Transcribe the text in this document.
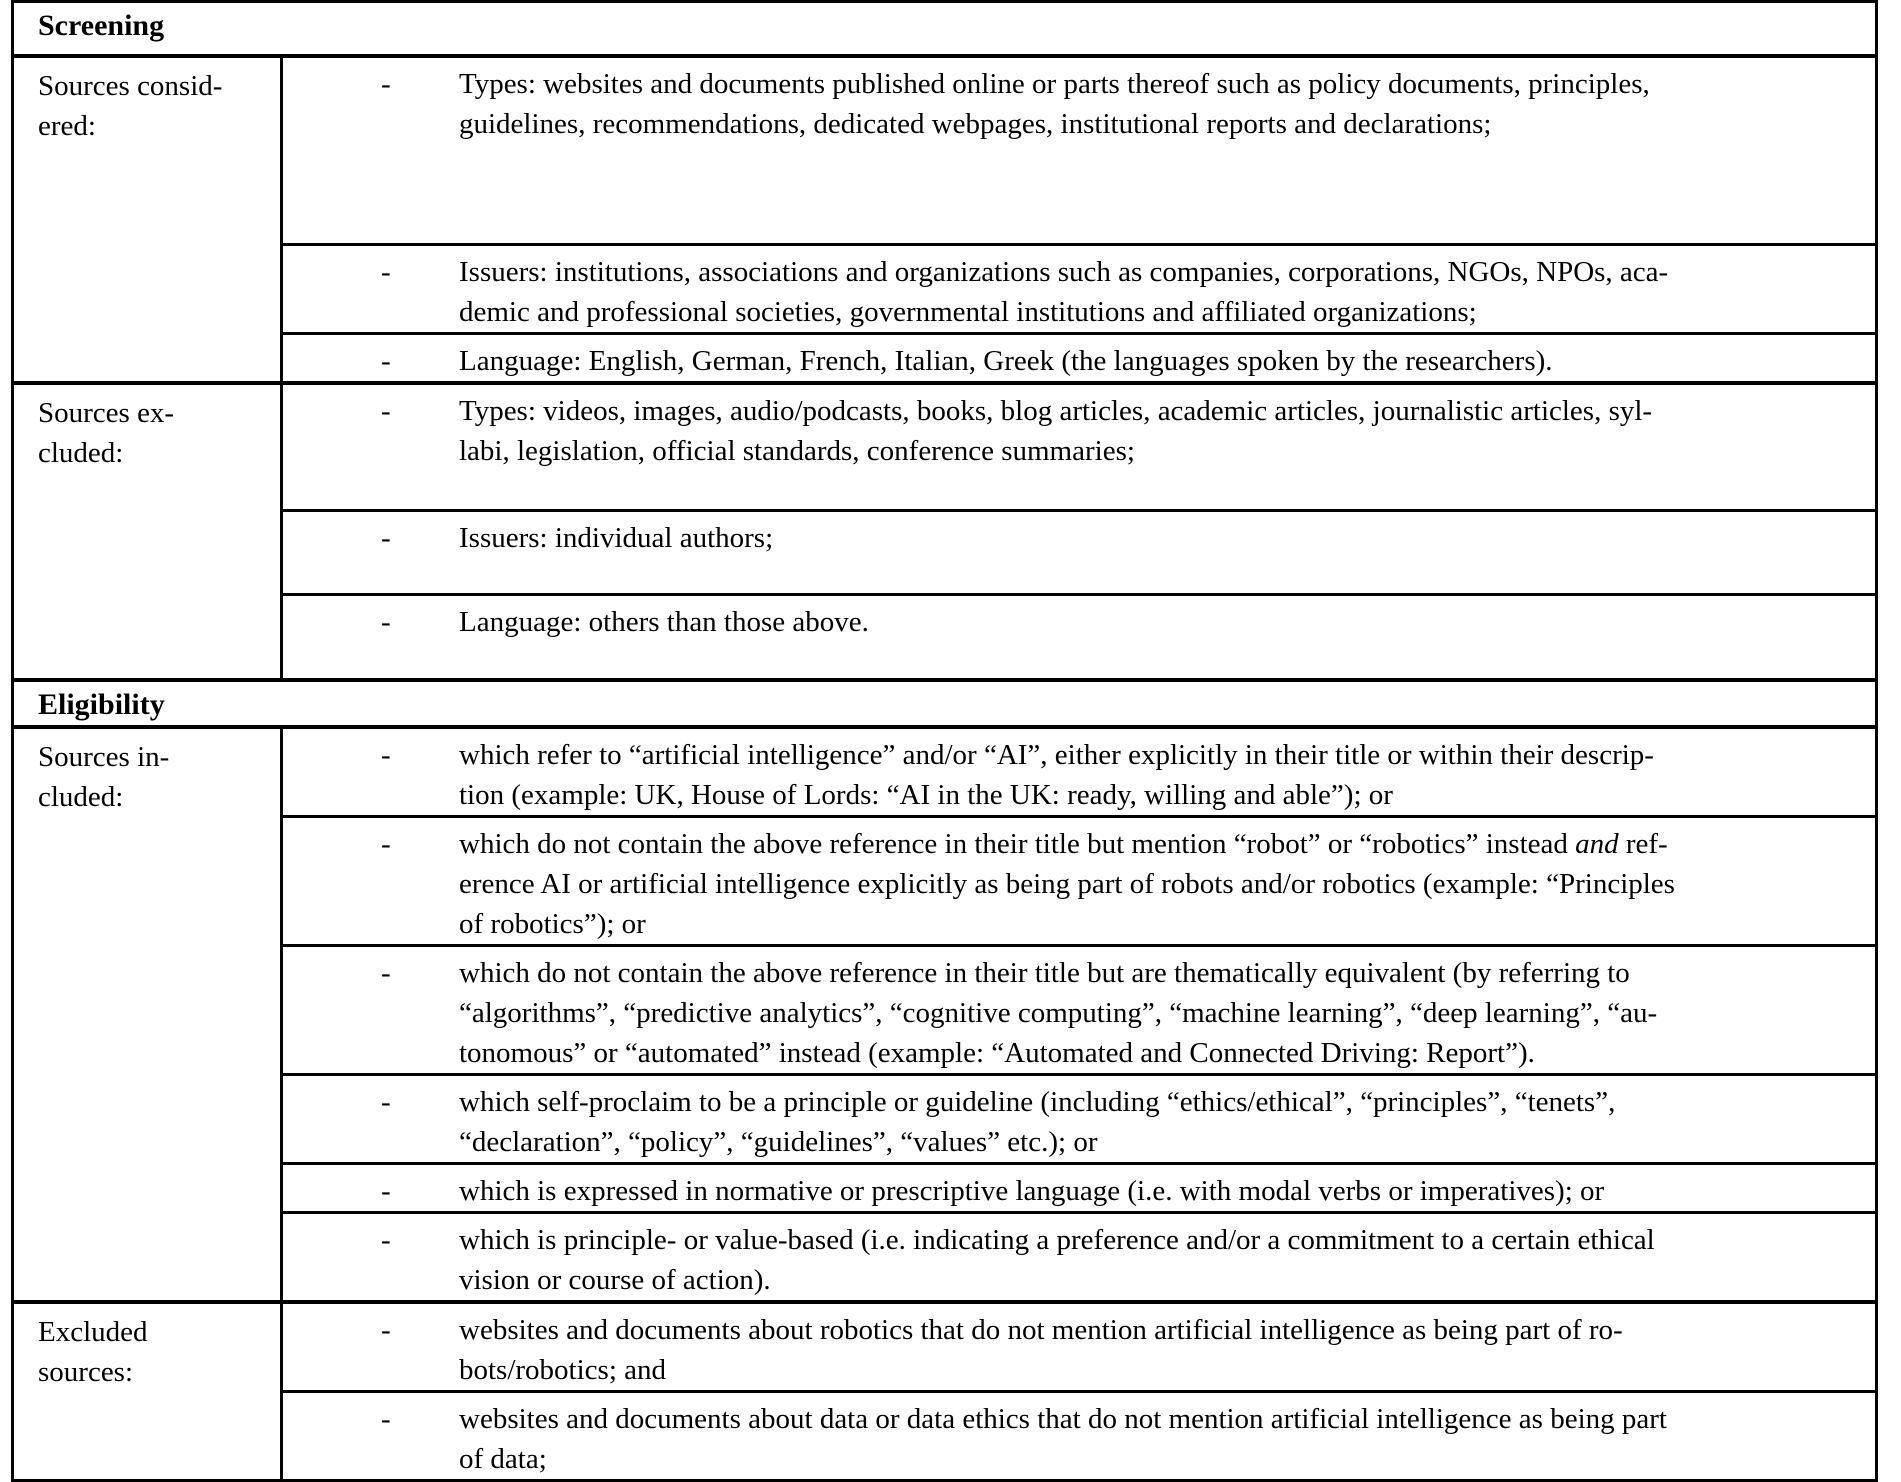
Screening	
Sources consid-
ered:	- Types: websites and documents published online or parts thereof such as policy documents, principles,
guidelines, recommendations, dedicated webpages, institutional reports and declarations;

	- Issuers: institutions, associations and organizations such as companies, corporations, NGOs, NPOs, aca-
demic and professional societies, governmental institutions and affiliated organizations;

	- Language: English, German, French, Italian, Greek (the languages spoken by the researchers).

Sources ex-
cluded:	- Types: videos, images, audio/podcasts, books, blog articles, academic articles, journalistic articles, syl-
labi, legislation, official standards, conference summaries;

	- Issuers: individual authors;

	- Language: others than those above.

Eligibility	
Sources in-
cluded:	- which refer to “artificial intelligence” and/or “AI”, either explicitly in their title or within their descrip-
tion (example: UK, House of Lords: “AI in the UK: ready, willing and able”); or

	- which do not contain the above reference in their title but mention “robot” or “robotics” instead and ref-
erence AI or artificial intelligence explicitly as being part of robots and/or robotics (example: “Principles
of robotics”); or

	- which do not contain the above reference in their title but are thematically equivalent (by referring to
“algorithms”, “predictive analytics”, “cognitive computing”, “machine learning”, “deep learning”, “au-
tonomous” or “automated” instead (example: “Automated and Connected Driving: Report”).

	- which self-proclaim to be a principle or guideline (including “ethics/ethical”, “principles”, “tenets”,
“declaration”, “policy”, “guidelines”, “values” etc.); or

	- which is expressed in normative or prescriptive language (i.e. with modal verbs or imperatives); or

	- which is principle- or value-based (i.e. indicating a preference and/or a commitment to a certain ethical
vision or course of action).

Excluded
sources:	- websites and documents about robotics that do not mention artificial intelligence as being part of ro-
bots/robotics; and

	- websites and documents about data or data ethics that do not mention artificial intelligence as being part
of data;
